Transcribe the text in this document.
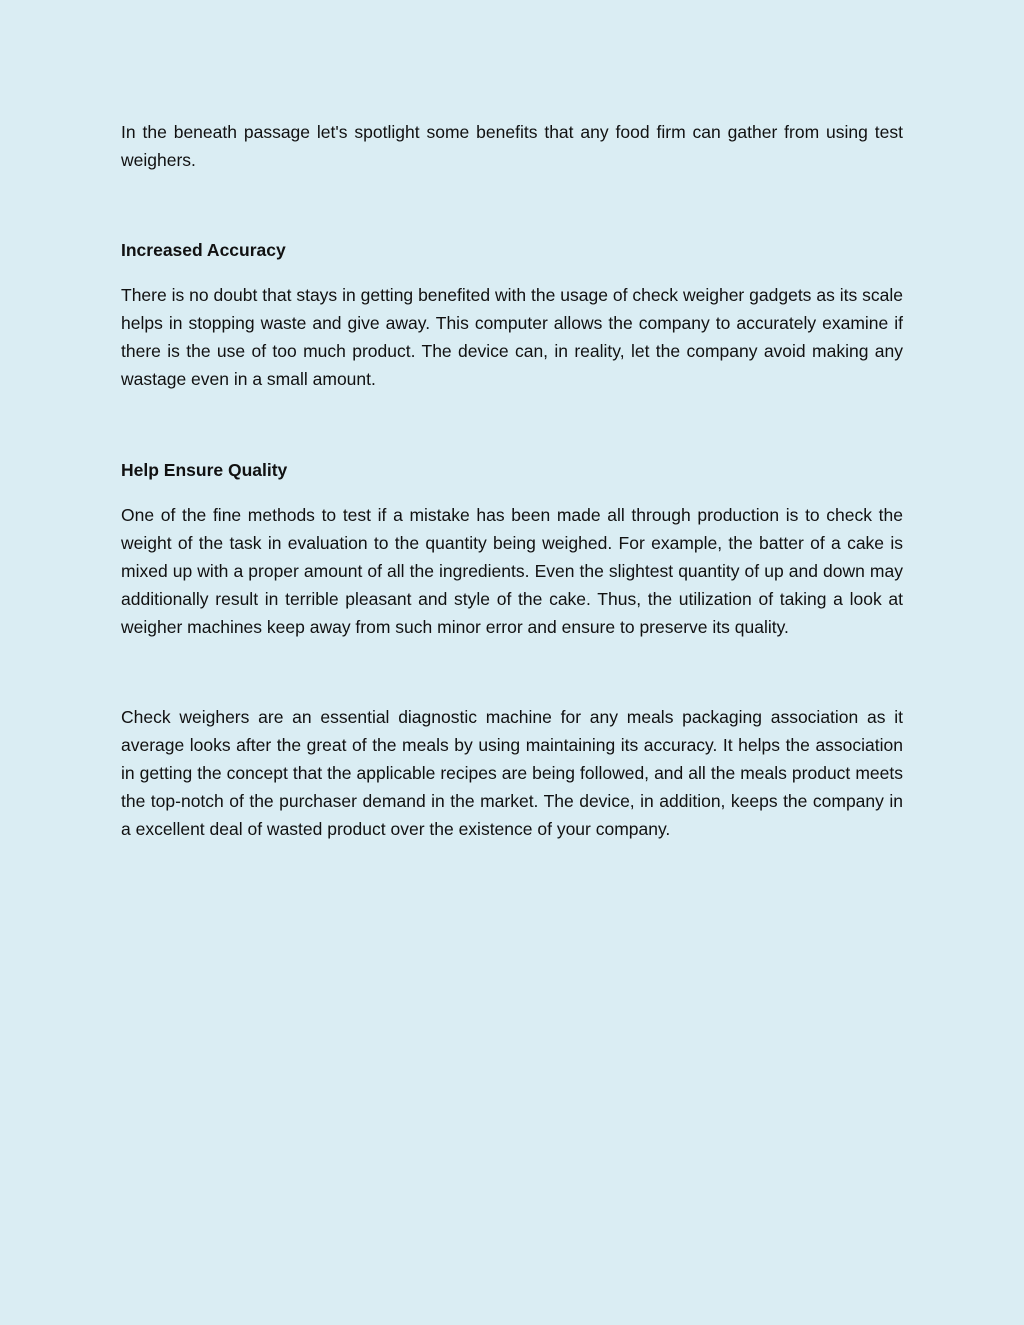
In the beneath passage let's spotlight some benefits that any food firm can gather from using test weighers.

Increased Accuracy

There is no doubt that stays in getting benefited with the usage of check weigher gadgets as its scale helps in stopping waste and give away. This computer allows the company to accurately examine if there is the use of too much product. The device can, in reality, let the company avoid making any wastage even in a small amount.

Help Ensure Quality

One of the fine methods to test if a mistake has been made all through production is to check the weight of the task in evaluation to the quantity being weighed. For example, the batter of a cake is mixed up with a proper amount of all the ingredients. Even the slightest quantity of up and down may additionally result in terrible pleasant and style of the cake. Thus, the utilization of taking a look at weigher machines keep away from such minor error and ensure to preserve its quality.

Check weighers are an essential diagnostic machine for any meals packaging association as it average looks after the great of the meals by using maintaining its accuracy. It helps the association in getting the concept that the applicable recipes are being followed, and all the meals product meets the top-notch of the purchaser demand in the market. The device, in addition, keeps the company in a excellent deal of wasted product over the existence of your company.
